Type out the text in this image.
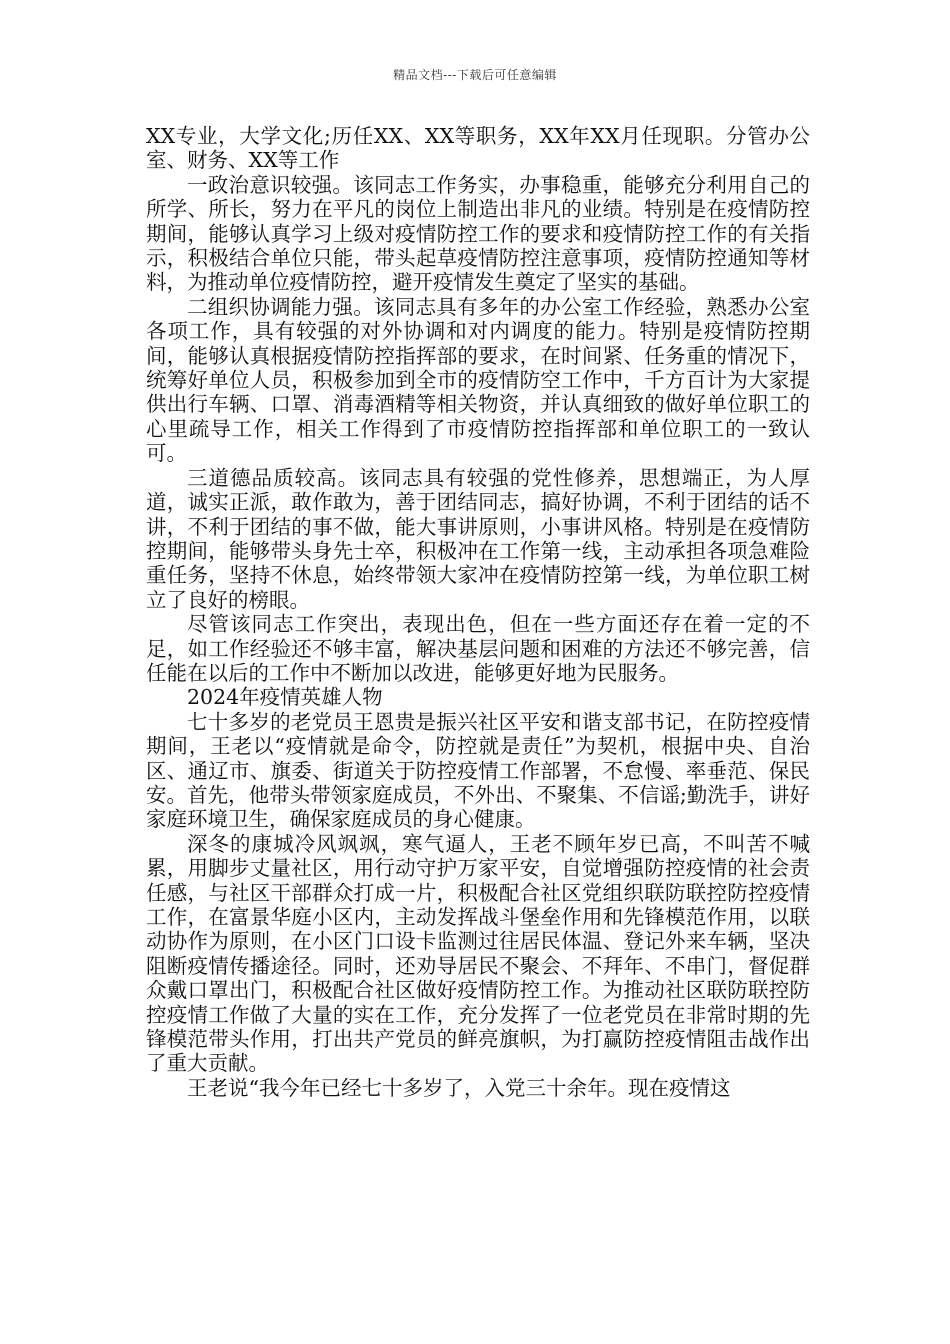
精品文档---下载后可任意编辑

XX专业，大学文化;历任XX、XX等职务，XX年XX月任现职。分管办公室、财务、XX等工作

一政治意识较强。该同志工作务实，办事稳重，能够充分利用自己的所学、所长，努力在平凡的岗位上制造出非凡的业绩。特别是在疫情防控期间，能够认真学习上级对疫情防控工作的要求和疫情防控工作的有关指示，积极结合单位只能，带头起草疫情防控注意事项，疫情防控通知等材料，为推动单位疫情防控，避开疫情发生奠定了坚实的基础。

二组织协调能力强。该同志具有多年的办公室工作经验，熟悉办公室各项工作，具有较强的对外协调和对内调度的能力。特别是疫情防控期间，能够认真根据疫情防控指挥部的要求，在时间紧、任务重的情况下，统筹好单位人员，积极参加到全市的疫情防空工作中，千方百计为大家提供出行车辆、口罩、消毒酒精等相关物资，并认真细致的做好单位职工的心里疏导工作，相关工作得到了市疫情防控指挥部和单位职工的一致认可。

三道德品质较高。该同志具有较强的党性修养，思想端正，为人厚道，诚实正派，敢作敢为，善于团结同志，搞好协调，不利于团结的话不讲，不利于团结的事不做，能大事讲原则，小事讲风格。特别是在疫情防控期间，能够带头身先士卒，积极冲在工作第一线，主动承担各项急难险重任务，坚持不休息，始终带领大家冲在疫情防控第一线，为单位职工树立了良好的榜眼。

尽管该同志工作突出，表现出色，但在一些方面还存在着一定的不足，如工作经验还不够丰富，解决基层问题和困难的方法还不够完善，信任能在以后的工作中不断加以改进，能够更好地为民服务。

2024年疫情英雄人物

七十多岁的老党员王恩贵是振兴社区平安和谐支部书记，在防控疫情期间，王老以“疫情就是命令，防控就是责任”为契机，根据中央、自治区、通辽市、旗委、街道关于防控疫情工作部署，不怠慢、率垂范、保民安。首先，他带头带领家庭成员，不外出、不聚集、不信谣;勤洗手，讲好家庭环境卫生，确保家庭成员的身心健康。

深冬的康城冷风飒飒，寒气逼人，王老不顾年岁已高，不叫苦不喊累，用脚步丈量社区，用行动守护万家平安，自觉增强防控疫情的社会责任感，与社区干部群众打成一片，积极配合社区党组织联防联控防控疫情工作，在富景华庭小区内，主动发挥战斗堡垒作用和先锋模范作用，以联动协作为原则，在小区门口设卡监测过往居民体温、登记外来车辆，坚决阻断疫情传播途径。同时，还劝导居民不聚会、不拜年、不串门，督促群众戴口罩出门，积极配合社区做好疫情防控工作。为推动社区联防联控防控疫情工作做了大量的实在工作，充分发挥了一位老党员在非常时期的先锋模范带头作用，打出共产党员的鲜亮旗帜，为打赢防控疫情阻击战作出了重大贡献。

王老说“我今年已经七十多岁了，入党三十余年。现在疫情这
